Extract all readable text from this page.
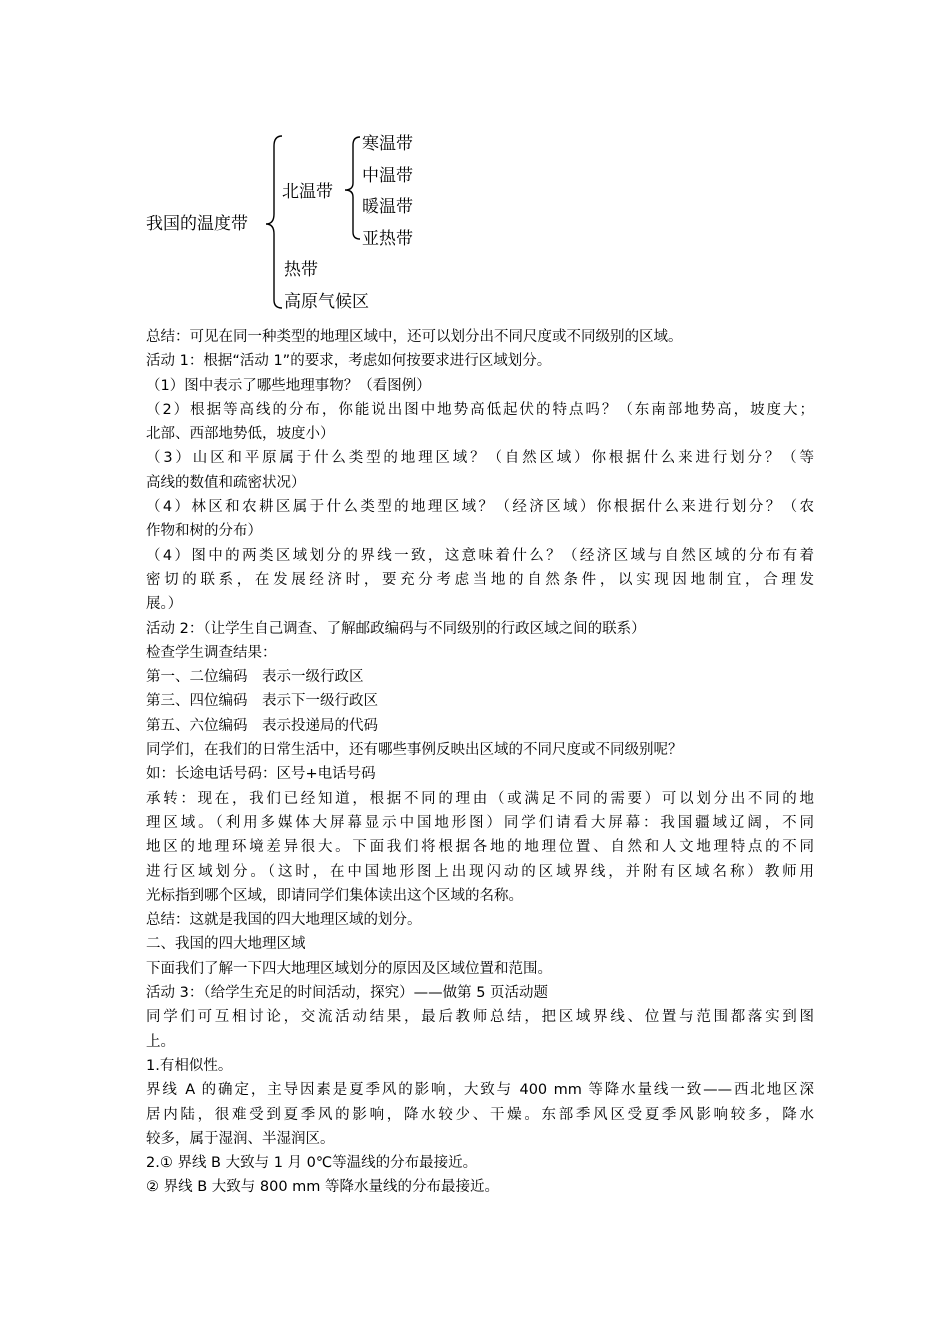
我国的温度带
北温带
寒温带
中温带
暖温带
亚热带
热带
高原气候区
总结：可见在同一种类型的地理区域中，还可以划分出不同尺度或不同级别的区域。
活动 1：根据“活动 1”的要求，考虑如何按要求进行区域划分。
（1）图中表示了哪些地理事物？（看图例）
（2）根据等高线的分布，你能说出图中地势高低起伏的特点吗？（东南部地势高，坡度大；
北部、西部地势低，坡度小）
（3）山区和平原属于什么类型的地理区域？（自然区域）你根据什么来进行划分？（等
高线的数值和疏密状况）
（4）林区和农耕区属于什么类型的地理区域？（经济区域）你根据什么来进行划分？（农
作物和树的分布）
（4）图中的两类区域划分的界线一致，这意味着什么？（经济区域与自然区域的分布有着
密切的联系，在发展经济时，要充分考虑当地的自然条件，以实现因地制宜，合理发
展。）
活动 2：（让学生自己调查、了解邮政编码与不同级别的行政区域之间的联系）
检查学生调查结果：
第一、二位编码　表示一级行政区
第三、四位编码　表示下一级行政区
第五、六位编码　表示投递局的代码
同学们，在我们的日常生活中，还有哪些事例反映出区域的不同尺度或不同级别呢？
如：长途电话号码：区号+电话号码
承转：现在，我们已经知道，根据不同的理由（或满足不同的需要）可以划分出不同的地
理区域。（利用多媒体大屏幕显示中国地形图）同学们请看大屏幕：我国疆域辽阔，不同
地区的地理环境差异很大。下面我们将根据各地的地理位置、自然和人文地理特点的不同
进行区域划分。（这时，在中国地形图上出现闪动的区域界线，并附有区域名称）教师用
光标指到哪个区域，即请同学们集体读出这个区域的名称。
总结：这就是我国的四大地理区域的划分。
二、我国的四大地理区域
下面我们了解一下四大地理区域划分的原因及区域位置和范围。
活动 3：（给学生充足的时间活动，探究）——做第 5 页活动题
同学们可互相讨论，交流活动结果，最后教师总结，把区域界线、位置与范围都落实到图
上。
1.有相似性。
界线 A 的确定，主导因素是夏季风的影响，大致与 400 mm 等降水量线一致——西北地区深
居内陆，很难受到夏季风的影响，降水较少、干燥。东部季风区受夏季风影响较多，降水
较多，属于湿润、半湿润区。
2.① 界线 B 大致与 1 月 0℃等温线的分布最接近。
② 界线 B 大致与 800 mm 等降水量线的分布最接近。
